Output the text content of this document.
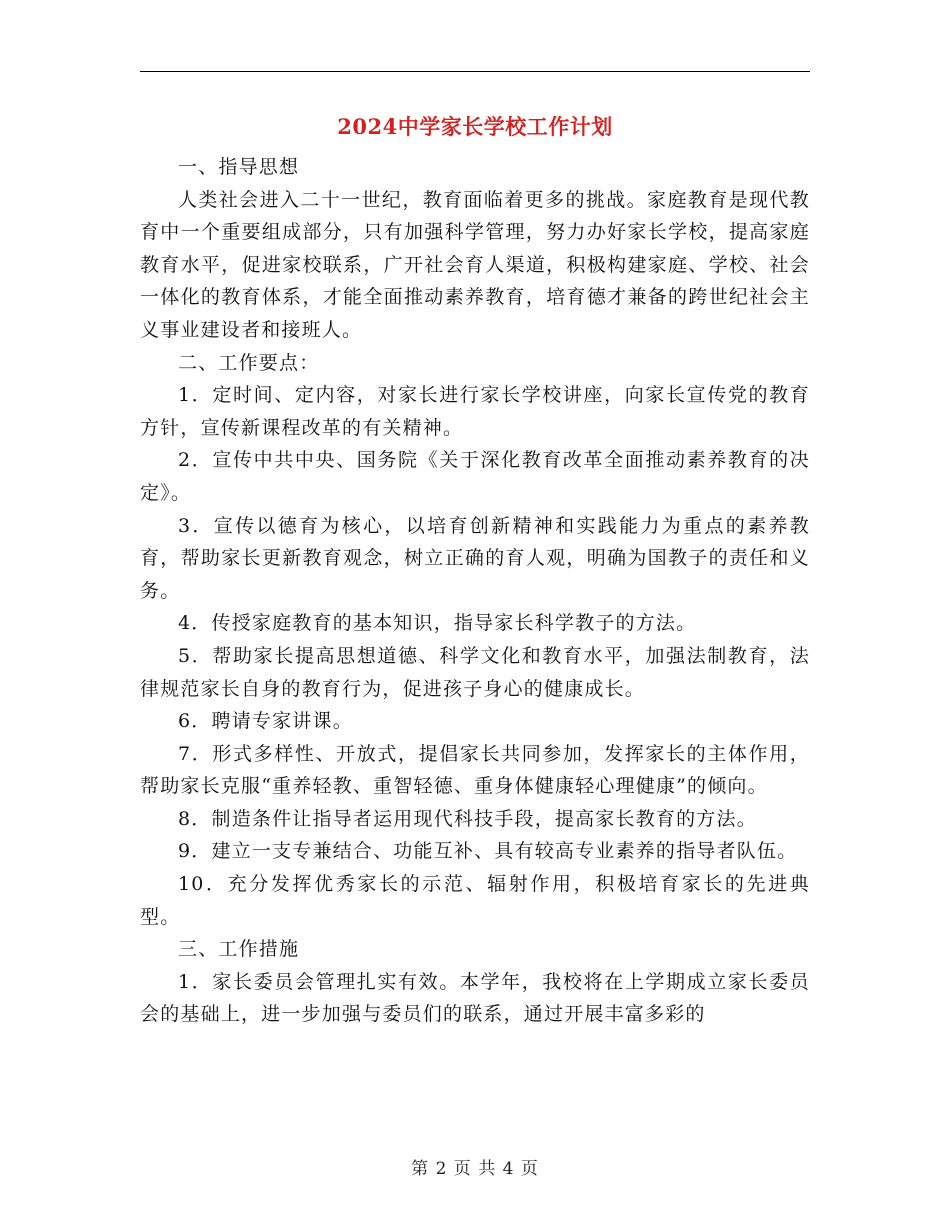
2024中学家长学校工作计划

一、指导思想

人类社会进入二十一世纪，教育面临着更多的挑战。家庭教育是现代教育中一个重要组成部分，只有加强科学管理，努力办好家长学校，提高家庭教育水平，促进家校联系，广开社会育人渠道，积极构建家庭、学校、社会一体化的教育体系，才能全面推动素养教育，培育德才兼备的跨世纪社会主义事业建设者和接班人。

二、工作要点：

1．定时间、定内容，对家长进行家长学校讲座，向家长宣传党的教育方针，宣传新课程改革的有关精神。

2．宣传中共中央、国务院《关于深化教育改革全面推动素养教育的决定》。

3．宣传以德育为核心，以培育创新精神和实践能力为重点的素养教育，帮助家长更新教育观念，树立正确的育人观，明确为国教子的责任和义务。

4．传授家庭教育的基本知识，指导家长科学教子的方法。

5．帮助家长提高思想道德、科学文化和教育水平，加强法制教育，法律规范家长自身的教育行为，促进孩子身心的健康成长。

6．聘请专家讲课。

7．形式多样性、开放式，提倡家长共同参加，发挥家长的主体作用，帮助家长克服“重养轻教、重智轻德、重身体健康轻心理健康”的倾向。

8．制造条件让指导者运用现代科技手段，提高家长教育的方法。

9．建立一支专兼结合、功能互补、具有较高专业素养的指导者队伍。

10．充分发挥优秀家长的示范、辐射作用，积极培育家长的先进典型。

三、工作措施

1．家长委员会管理扎实有效。本学年，我校将在上学期成立家长委员会的基础上，进一步加强与委员们的联系，通过开展丰富多彩的

第 2 页 共 4 页
